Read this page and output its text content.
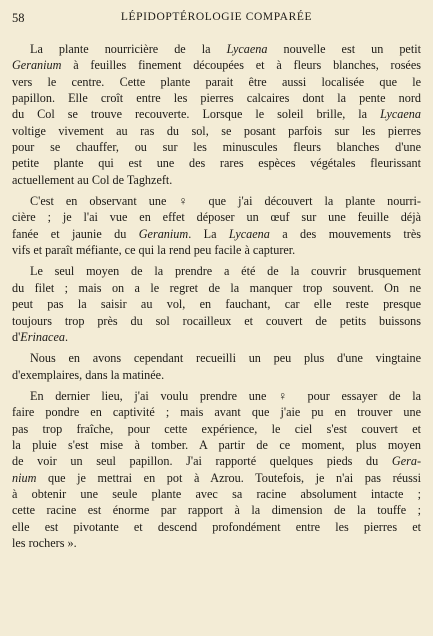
58	LÉPIDOPTÉROLOGIE COMPARÉE
La plante nourricière de la Lycaena nouvelle est un petit
Geranium à feuilles finement découpées et à fleurs blanches, rosées
vers le centre. Cette plante parait être aussi localisée que le
papillon. Elle croît entre les pierres calcaires dont la pente nord
du Col se trouve recouverte. Lorsque le soleil brille, la Lycaena
voltige vivement au ras du sol, se posant parfois sur les pierres
pour se chauffer, ou sur les minuscules fleurs blanches d'une
petite plante qui est une des rares espèces végétales fleurissant
actuellement au Col de Taghzeft.
C'est en observant une ♀ que j'ai découvert la plante nourri-
cière ; je l'ai vue en effet déposer un œuf sur une feuille déjà
fanée et jaunie du Geranium. La Lycaena a des mouvements très
vifs et paraît méfiante, ce qui la rend peu facile à capturer.
Le seul moyen de la prendre a été de la couvrir brusquement
du filet ; mais on a le regret de la manquer trop souvent. On ne
peut pas la saisir au vol, en fauchant, car elle reste presque
toujours trop près du sol rocailleux et couvert de petits buissons
d'Erinacea.
Nous en avons cependant recueilli un peu plus d'une vingtaine
d'exemplaires, dans la matinée.
En dernier lieu, j'ai voulu prendre une ♀ pour essayer de la
faire pondre en captivité ; mais avant que j'aie pu en trouver une
pas trop fraîche, pour cette expérience, le ciel s'est couvert et
la pluie s'est mise à tomber. A partir de ce moment, plus moyen
de voir un seul papillon. J'ai rapporté quelques pieds du Gera-
nium que je mettrai en pot à Azrou. Toutefois, je n'ai pas réussi
à obtenir une seule plante avec sa racine absolument intacte ;
cette racine est énorme par rapport à la dimension de la touffe ;
elle est pivotante et descend profondément entre les pierres et
les rochers ».
